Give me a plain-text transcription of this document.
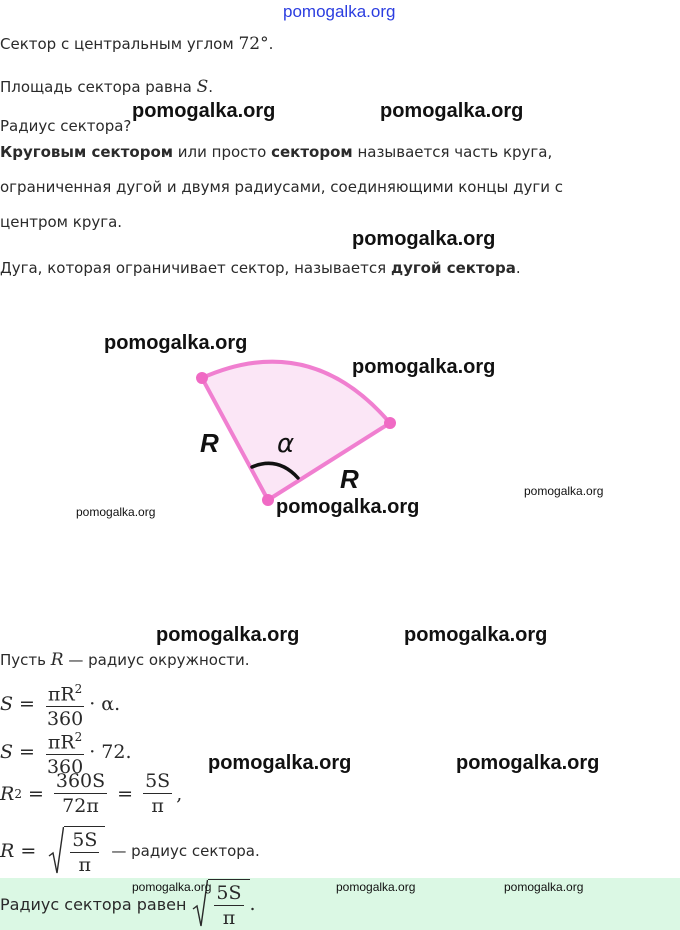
pomogalka.org
Сектор с центральным углом 72°.
Площадь сектора равна S.
Радиус сектора?
Круговым сектором или просто сектором называется часть круга,
ограниченная дугой и двумя радиусами, соединяющими концы дуги с
центром круга.
Дуга, которая ограничивает сектор, называется дугой сектора.
R
R
α
Пусть R — радиус окружности.
$S = \frac{\pi R^2}{360} \cdot \alpha$.
$S = \frac{\pi R^2}{360} \cdot 72$.
R $2 = \frac{360S}{72\pi} = \frac{5S}{\pi}$ ,
$R = \frac{5S}{\pi}$ — радиус сектора.
Радиус сектора равен $\frac{5S}{\pi}$ .
pomogalka.org	pomogalka.org
pomogalka.org
pomogalka.org
pomogalka.org
pomogalka.org
pomogalka.org	pomogalka.org
pomogalka.org	pomogalka.org
pomogalka.org	pomogalka.org
pomogalka.org	pomogalka.org	pomogalka.org
